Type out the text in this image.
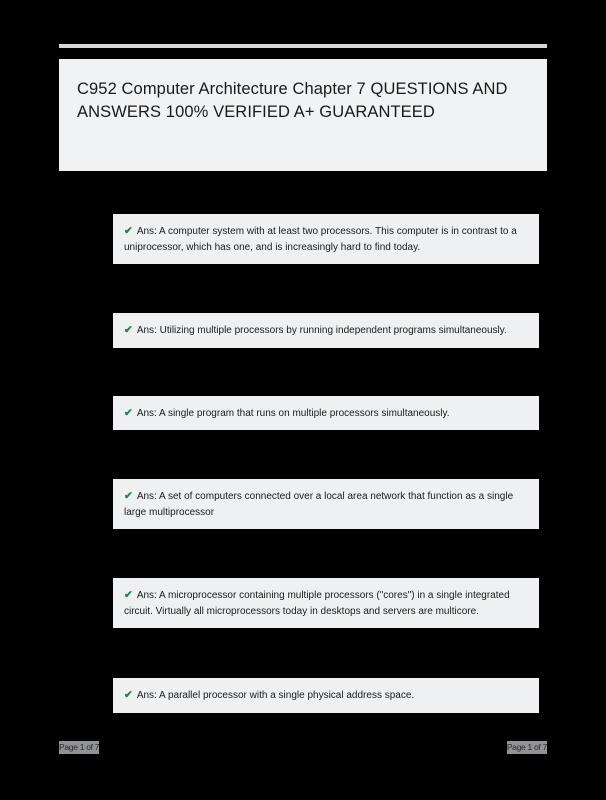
C952 Computer Architecture Chapter 7 QUESTIONS AND ANSWERS 100% VERIFIED A+ GUARANTEED
✔ Ans: A computer system with at least two processors. This computer is in contrast to a uniprocessor, which has one, and is increasingly hard to find today.
✔ Ans: Utilizing multiple processors by running independent programs simultaneously.
✔ Ans: A single program that runs on multiple processors simultaneously.
✔ Ans: A set of computers connected over a local area network that function as a single large multiprocessor
✔ Ans: A microprocessor containing multiple processors ("cores") in a single integrated circuit. Virtually all microprocessors today in desktops and servers are multicore.
✔ Ans: A parallel processor with a single physical address space.
Page 1 of 7	Page 1 of 7
